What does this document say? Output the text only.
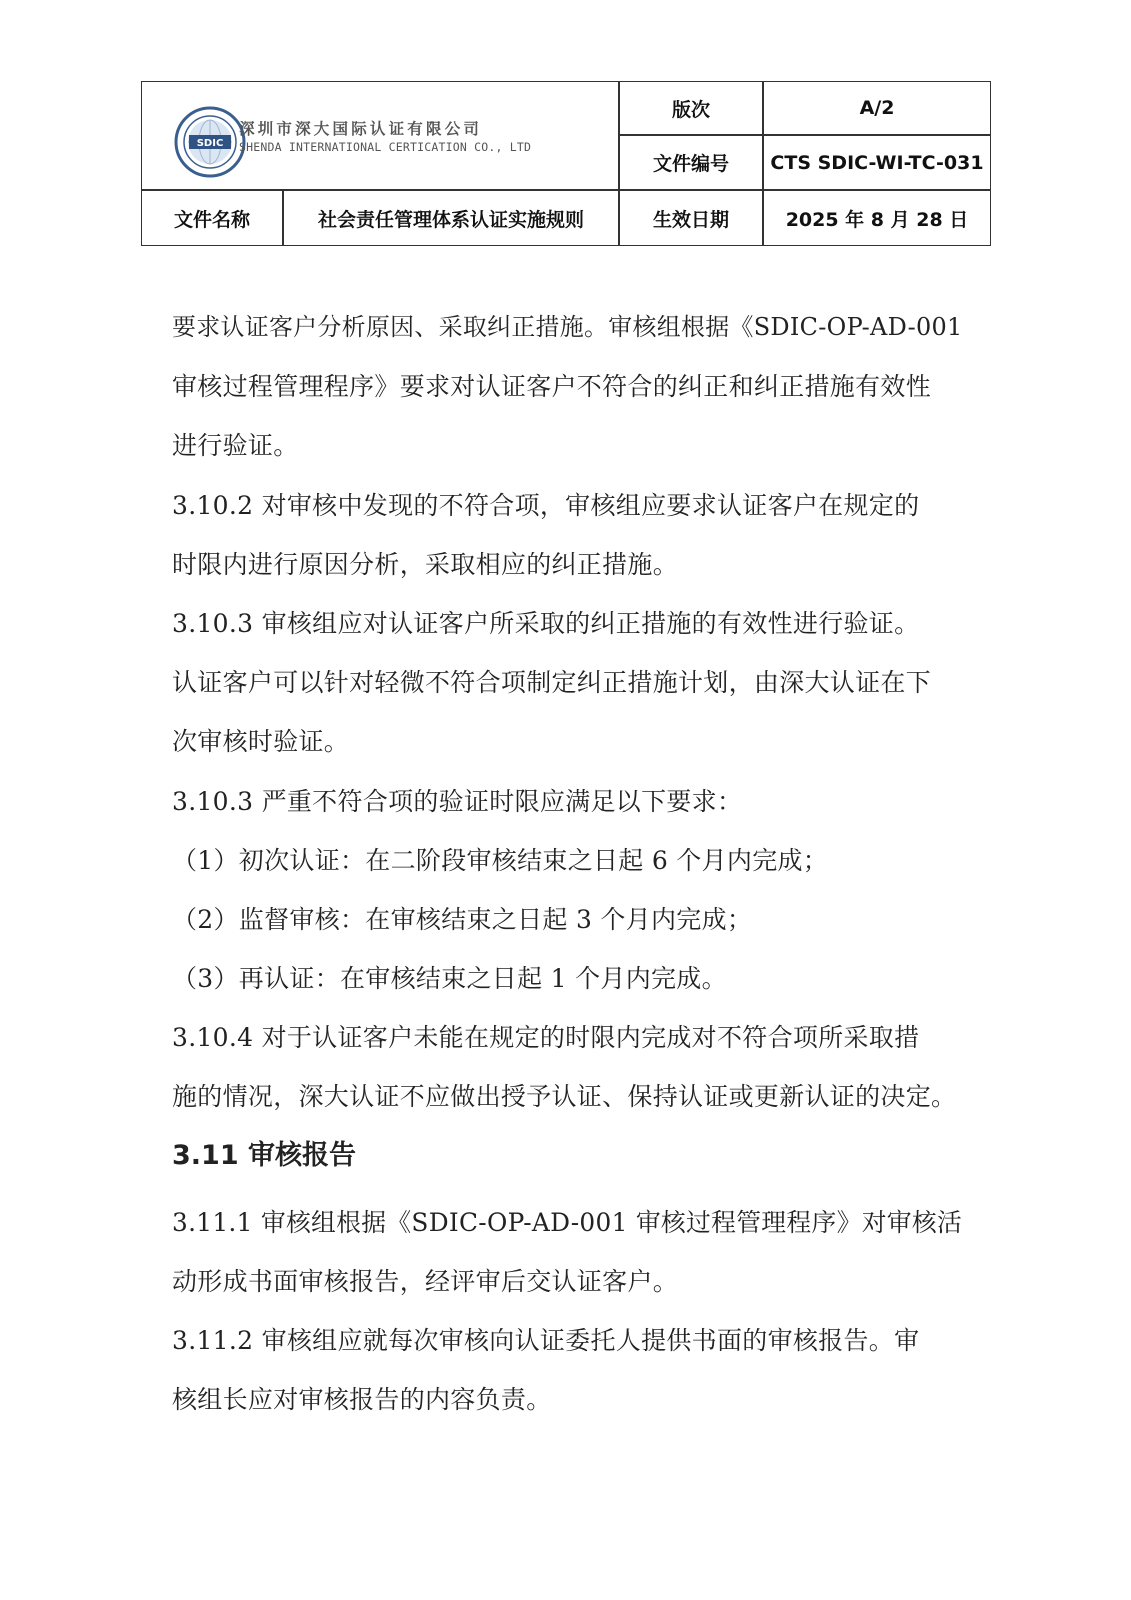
SDIC
深圳市深大国际认证有限公司
SHENDA INTERNATIONAL CERTICATION CO., LTD
版次	A/2
文件编号	CTS SDIC-WI-TC-031
文件名称	社会责任管理体系认证实施规则	生效日期	2025 年 8 月 28 日
要求认证客户分析原因、采取纠正措施。审核组根据《SDIC-OP-AD-001
审核过程管理程序》要求对认证客户不符合的纠正和纠正措施有效性
进行验证。
3.10.2 对审核中发现的不符合项，审核组应要求认证客户在规定的
时限内进行原因分析，采取相应的纠正措施。
3.10.3 审核组应对认证客户所采取的纠正措施的有效性进行验证。
认证客户可以针对轻微不符合项制定纠正措施计划，由深大认证在下
次审核时验证。
3.10.3 严重不符合项的验证时限应满足以下要求：
（1）初次认证：在二阶段审核结束之日起 6 个月内完成；
（2）监督审核：在审核结束之日起 3 个月内完成；
（3）再认证：在审核结束之日起 1 个月内完成。
3.10.4 对于认证客户未能在规定的时限内完成对不符合项所采取措
施的情况，深大认证不应做出授予认证、保持认证或更新认证的决定。
3.11 审核报告
3.11.1 审核组根据《SDIC-OP-AD-001 审核过程管理程序》对审核活
动形成书面审核报告，经评审后交认证客户。
3.11.2 审核组应就每次审核向认证委托人提供书面的审核报告。审
核组长应对审核报告的内容负责。
